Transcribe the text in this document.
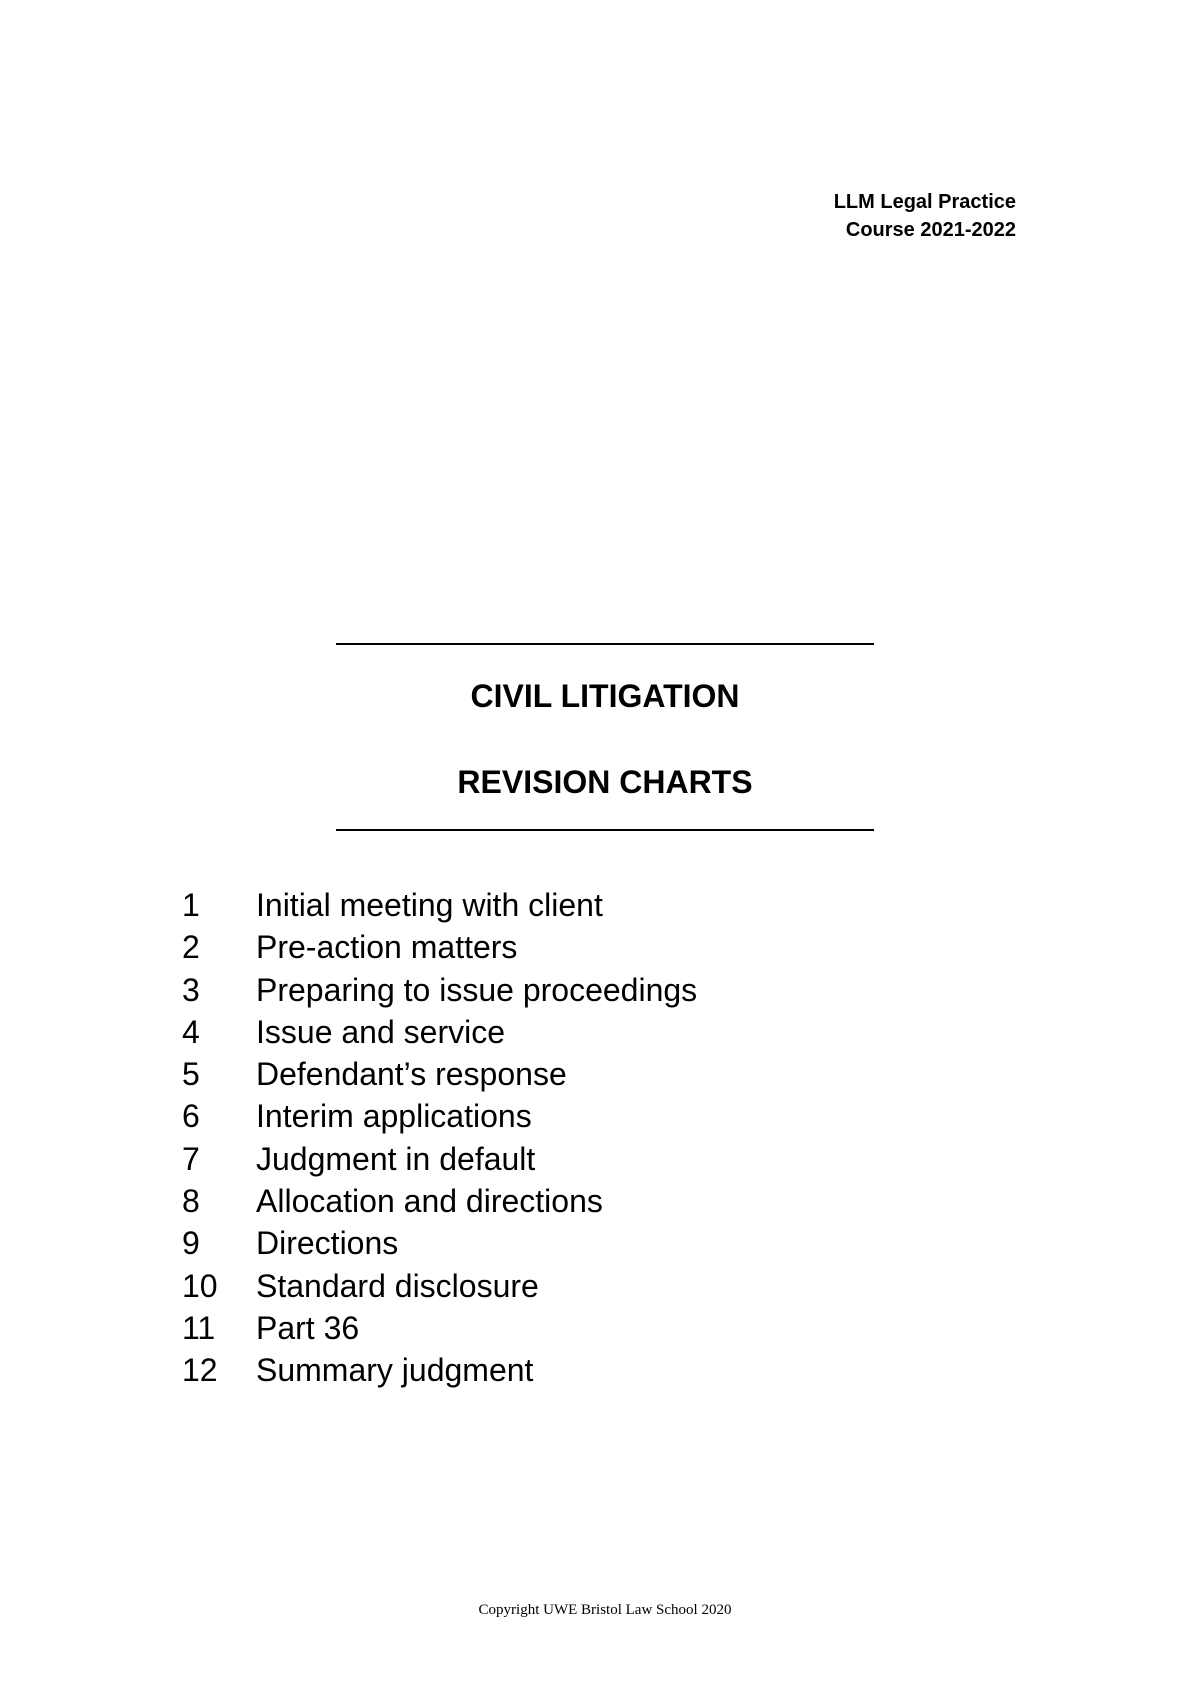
LLM Legal Practice
Course 2021-2022
CIVIL LITIGATION
REVISION CHARTS
1	Initial meeting with client
2	Pre-action matters
3	Preparing to issue proceedings
4	Issue and service
5	Defendant’s response
6	Interim applications
7	Judgment in default
8	Allocation and directions
9	Directions
10	Standard disclosure
11	Part 36
12	Summary judgment
Copyright UWE Bristol Law School 2020
